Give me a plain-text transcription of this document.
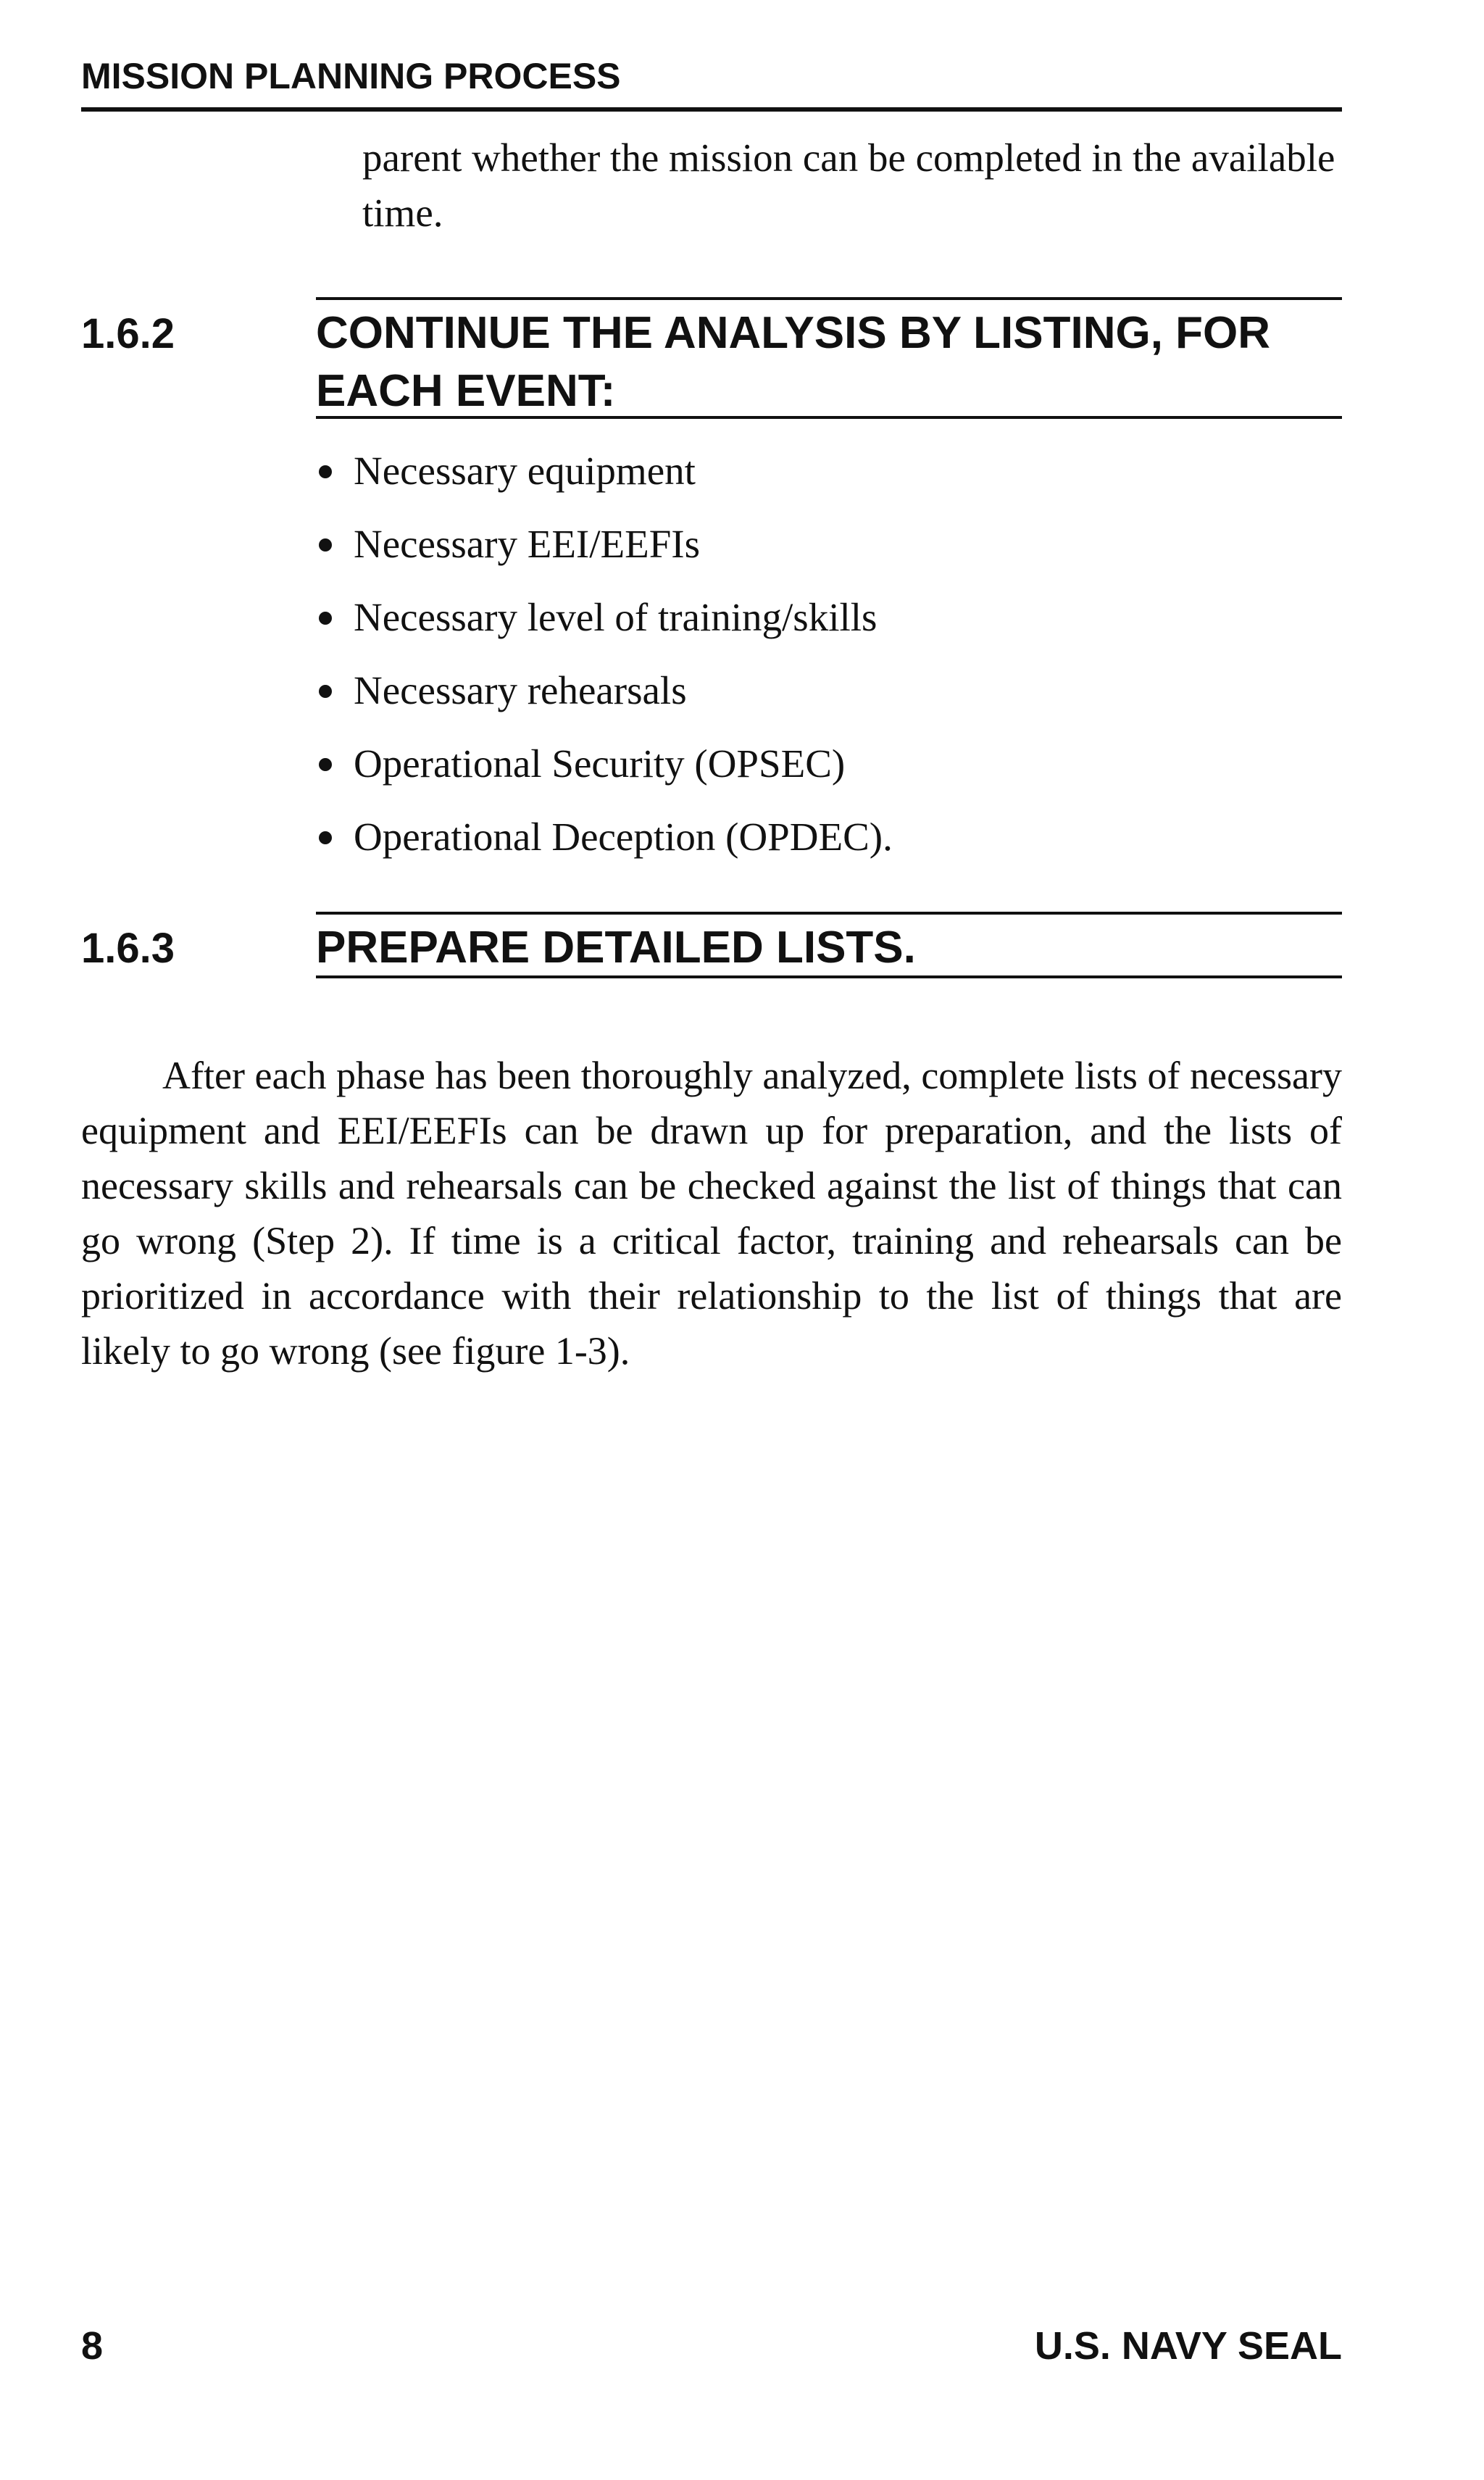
MISSION PLANNING PROCESS
parent whether the mission can be completed in the available time.
1.6.2	CONTINUE THE ANALYSIS BY LISTING, FOR EACH EVENT:
Necessary equipment
Necessary EEI/EEFIs
Necessary level of training/skills
Necessary rehearsals
Operational Security (OPSEC)
Operational Deception (OPDEC).
1.6.3	PREPARE DETAILED LISTS.

After each phase has been thoroughly analyzed, complete lists of necessary equipment and EEI/EEFIs can be drawn up for preparation, and the lists of necessary skills and rehearsals can be checked against the list of things that can go wrong (Step 2). If time is a critical factor, training and rehearsals can be prioritized in accordance with their relationship to the list of things that are likely to go wrong (see figure 1-3).

8	U.S. NAVY SEAL
